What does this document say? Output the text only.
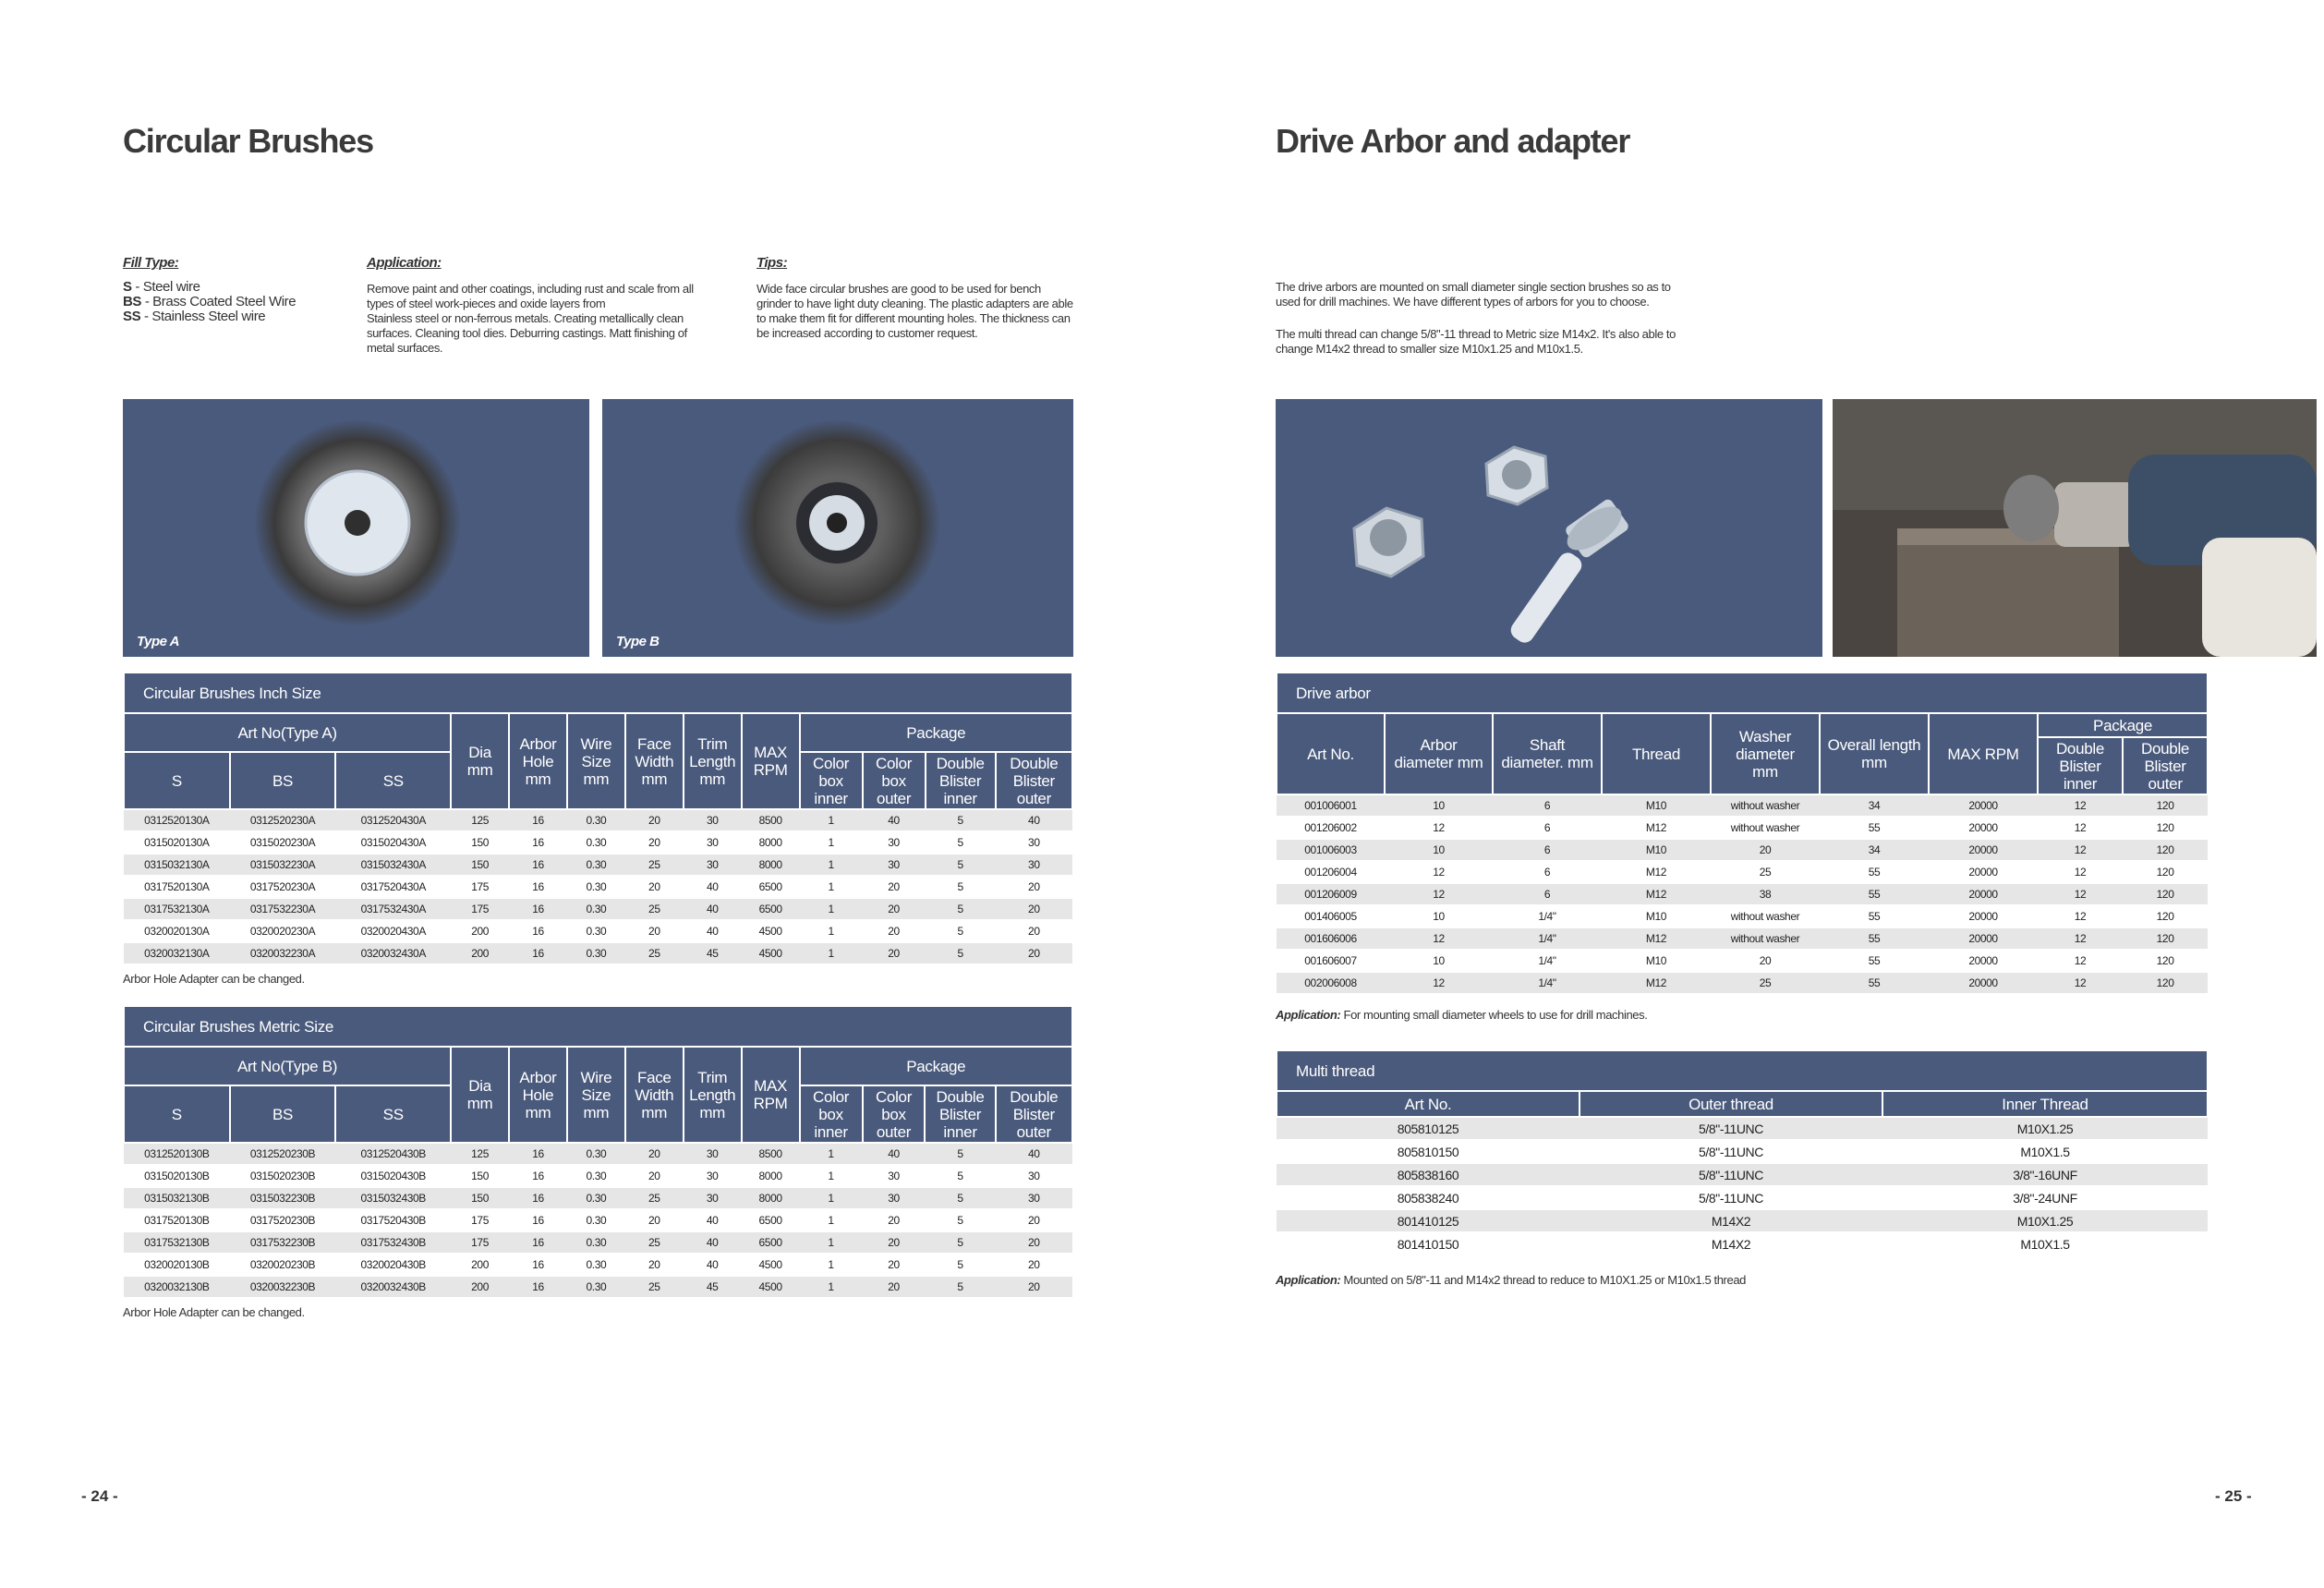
Circular Brushes
Fill Type:
S - Steel wire
BS - Brass Coated Steel Wire
SS - Stainless Steel wire
Application:
Remove paint and other coatings, including rust and scale from all
types of steel work-pieces and oxide layers from
Stainless steel or non-ferrous metals. Creating metallically clean
surfaces. Cleaning tool dies. Deburring castings. Matt finishing of
metal surfaces.
Tips:
Wide face circular brushes are good to be used for bench
grinder to have light duty cleaning. The plastic adapters are able
to make them fit for different mounting holes. The thickness can
be increased according to customer request.
Type A	Type B
Circular Brushes Inch Size												
Art No(Type A)			Dia
mm	Arbor
Hole
mm	Wire
Size
mm	Face
Width
mm	Trim
Length
mm	MAX
RPM	Package			
S	BS	SS							Color
box
inner	Color
box
outer	Double
Blister
inner	Double
Blister
outer
0312520130A	0312520230A	0312520430A	125	16	0.30	20	30	8500	1	40	5	40
0315020130A	0315020230A	0315020430A	150	16	0.30	20	30	8000	1	30	5	30
0315032130A	0315032230A	0315032430A	150	16	0.30	25	30	8000	1	30	5	30
0317520130A	0317520230A	0317520430A	175	16	0.30	20	40	6500	1	20	5	20
0317532130A	0317532230A	0317532430A	175	16	0.30	25	40	6500	1	20	5	20
0320020130A	0320020230A	0320020430A	200	16	0.30	20	40	4500	1	20	5	20
0320032130A	0320032230A	0320032430A	200	16	0.30	25	45	4500	1	20	5	20
Arbor Hole Adapter can be changed.
Circular Brushes Metric Size												
Art No(Type B)			Dia
mm	Arbor
Hole
mm	Wire
Size
mm	Face
Width
mm	Trim
Length
mm	MAX
RPM	Package			
S	BS	SS							Color
box
inner	Color
box
outer	Double
Blister
inner	Double
Blister
outer
0312520130B	0312520230B	0312520430B	125	16	0.30	20	30	8500	1	40	5	40
0315020130B	0315020230B	0315020430B	150	16	0.30	20	30	8000	1	30	5	30
0315032130B	0315032230B	0315032430B	150	16	0.30	25	30	8000	1	30	5	30
0317520130B	0317520230B	0317520430B	175	16	0.30	20	40	6500	1	20	5	20
0317532130B	0317532230B	0317532430B	175	16	0.30	25	40	6500	1	20	5	20
0320020130B	0320020230B	0320020430B	200	16	0.30	20	40	4500	1	20	5	20
0320032130B	0320032230B	0320032430B	200	16	0.30	25	45	4500	1	20	5	20
Arbor Hole Adapter can be changed.
- 24 -
Drive Arbor and adapter
The drive arbors are mounted on small diameter single section brushes so as to
used for drill machines. We have different types of arbors for you to choose.
The multi thread can change 5/8"-11 thread to Metric size M14x2. It's also able to
change M14x2 thread to smaller size M10x1.25 and M10x1.5.
Drive arbor								
Art No.	Arbor
diameter mm	Shaft
diameter. mm	Thread	Washer
diameter
mm	Overall length
mm	MAX RPM	Package	
							Double
Blister
inner	Double
Blister
outer
001006001	10	6	M10	without washer	34	20000	12	120
001206002	12	6	M12	without washer	55	20000	12	120
001006003	10	6	M10	20	34	20000	12	120
001206004	12	6	M12	25	55	20000	12	120
001206009	12	6	M12	38	55	20000	12	120
001406005	10	1/4"	M10	without washer	55	20000	12	120
001606006	12	1/4"	M12	without washer	55	20000	12	120
001606007	10	1/4"	M10	20	55	20000	12	120
002006008	12	1/4"	M12	25	55	20000	12	120
Application: For mounting small diameter wheels to use for drill machines.
Multi thread		
Art No.	Outer thread	Inner Thread
805810125	5/8"-11UNC	M10X1.25
805810150	5/8"-11UNC	M10X1.5
805838160	5/8"-11UNC	3/8"-16UNF
805838240	5/8"-11UNC	3/8"-24UNF
801410125	M14X2	M10X1.25
801410150	M14X2	M10X1.5
Application: Mounted on 5/8"-11 and M14x2 thread to reduce to M10X1.25 or M10x1.5 thread
- 25 -
